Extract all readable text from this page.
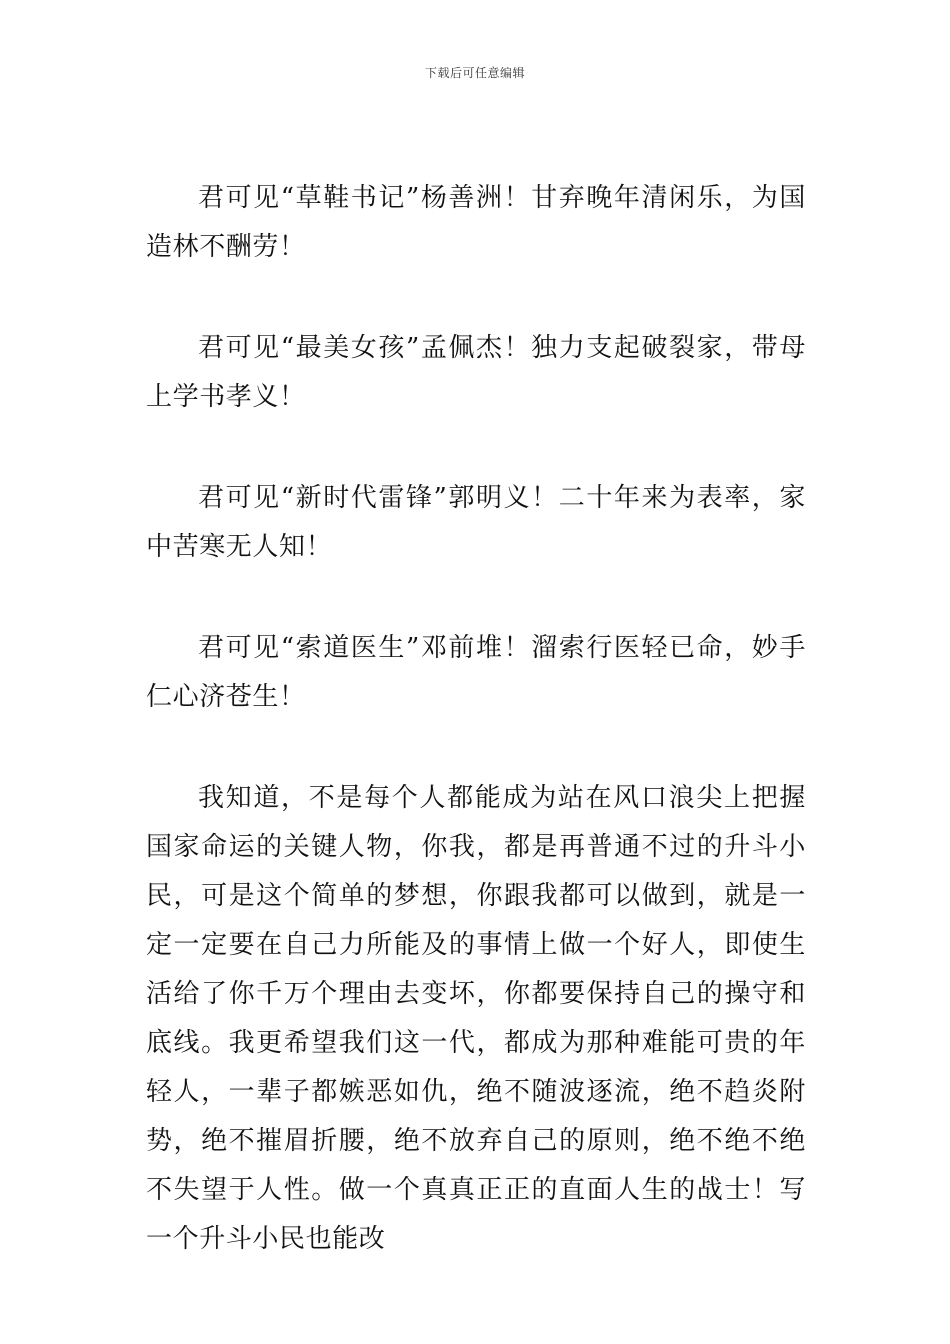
下载后可任意编辑

君可见“草鞋书记”杨善洲！甘弃晚年清闲乐，为国造林不酬劳！

君可见“最美女孩”孟佩杰！独力支起破裂家，带母上学书孝义！

君可见“新时代雷锋”郭明义！二十年来为表率，家中苦寒无人知！

君可见“索道医生”邓前堆！溜索行医轻已命，妙手仁心济苍生！

我知道，不是每个人都能成为站在风口浪尖上把握国家命运的关键人物，你我，都是再普通不过的升斗小民，可是这个简单的梦想，你跟我都可以做到，就是一定一定要在自己力所能及的事情上做一个好人，即使生活给了你千万个理由去变坏，你都要保持自己的操守和底线。我更希望我们这一代，都成为那种难能可贵的年轻人，一辈子都嫉恶如仇，绝不随波逐流，绝不趋炎附势，绝不摧眉折腰，绝不放弃自己的原则，绝不绝不绝不失望于人性。做一个真真正正的直面人生的战士！写一个升斗小民也能改
